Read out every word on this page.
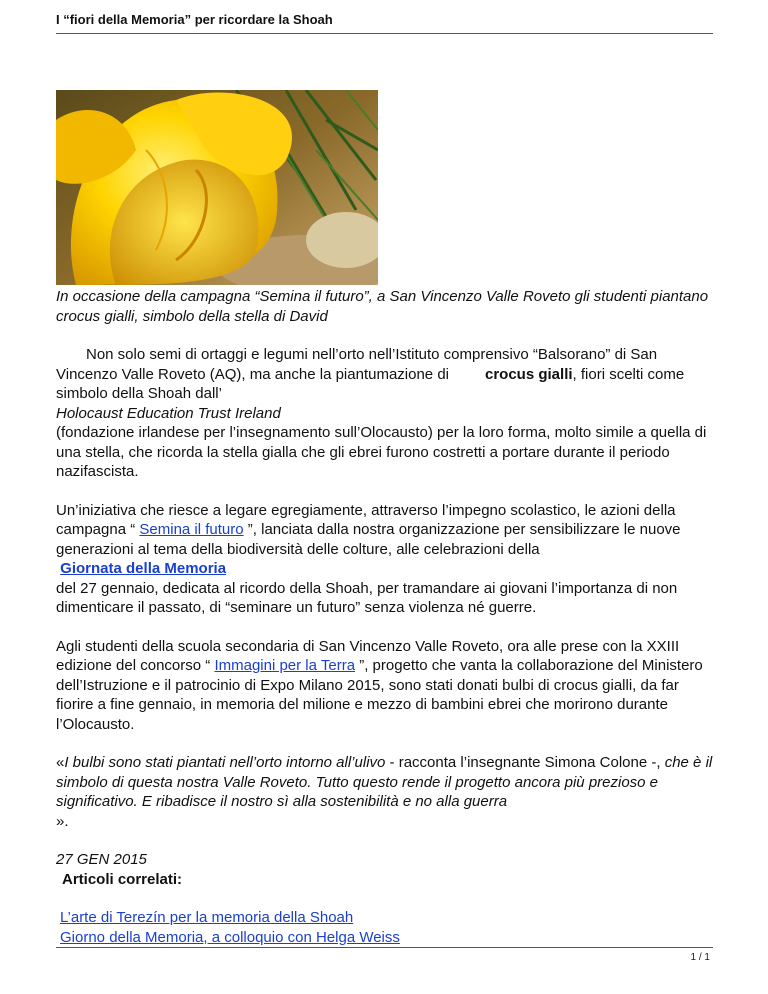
I “fiori della Memoria” per ricordare la Shoah

In occasione della campagna “Semina il futuro”, a San Vincenzo Valle Roveto gli studenti piantano crocus gialli, simbolo della stella di David

Non solo semi di ortaggi e legumi nell’orto nell’Istituto comprensivo “Balsorano” di San Vincenzo Valle Roveto (AQ), ma anche la piantumazione di crocus gialli, fiori scelti come simbolo della Shoah dall’
Holocaust Education Trust Ireland
(fondazione irlandese per l’insegnamento sull’Olocausto) per la loro forma, molto simile a quella di una stella, che ricorda la stella gialla che gli ebrei furono costretti a portare durante il periodo nazifascista.

Un’iniziativa che riesce a legare egregiamente, attraverso l’impegno scolastico, le azioni della campagna “ Semina il futuro ”, lanciata dalla nostra organizzazione per sensibilizzare le nuove generazioni al tema della biodiversità delle colture, alle celebrazioni della
Giornata della Memoria
del 27 gennaio, dedicata al ricordo della Shoah, per tramandare ai giovani l’importanza di non dimenticare il passato, di “seminare un futuro” senza violenza né guerre.

Agli studenti della scuola secondaria di San Vincenzo Valle Roveto, ora alle prese con la XXIII edizione del concorso “ Immagini per la Terra ”, progetto che vanta la collaborazione del Ministero dell’Istruzione e il patrocinio di Expo Milano 2015, sono stati donati bulbi di crocus gialli, da far fiorire a fine gennaio, in memoria del milione e mezzo di bambini ebrei che morirono durante l’Olocausto.

«I bulbi sono stati piantati nell’orto intorno all’ulivo - racconta l’insegnante Simona Colone -, che è il simbolo di questa nostra Valle Roveto. Tutto questo rende il progetto ancora più prezioso e significativo. E ribadisce il nostro sì alla sostenibilità e no alla guerra
».

27 GEN 2015

Articoli correlati:

L’arte di Terezín per la memoria della Shoah
Giorno della Memoria, a colloquio con Helga Weiss

1 / 1
